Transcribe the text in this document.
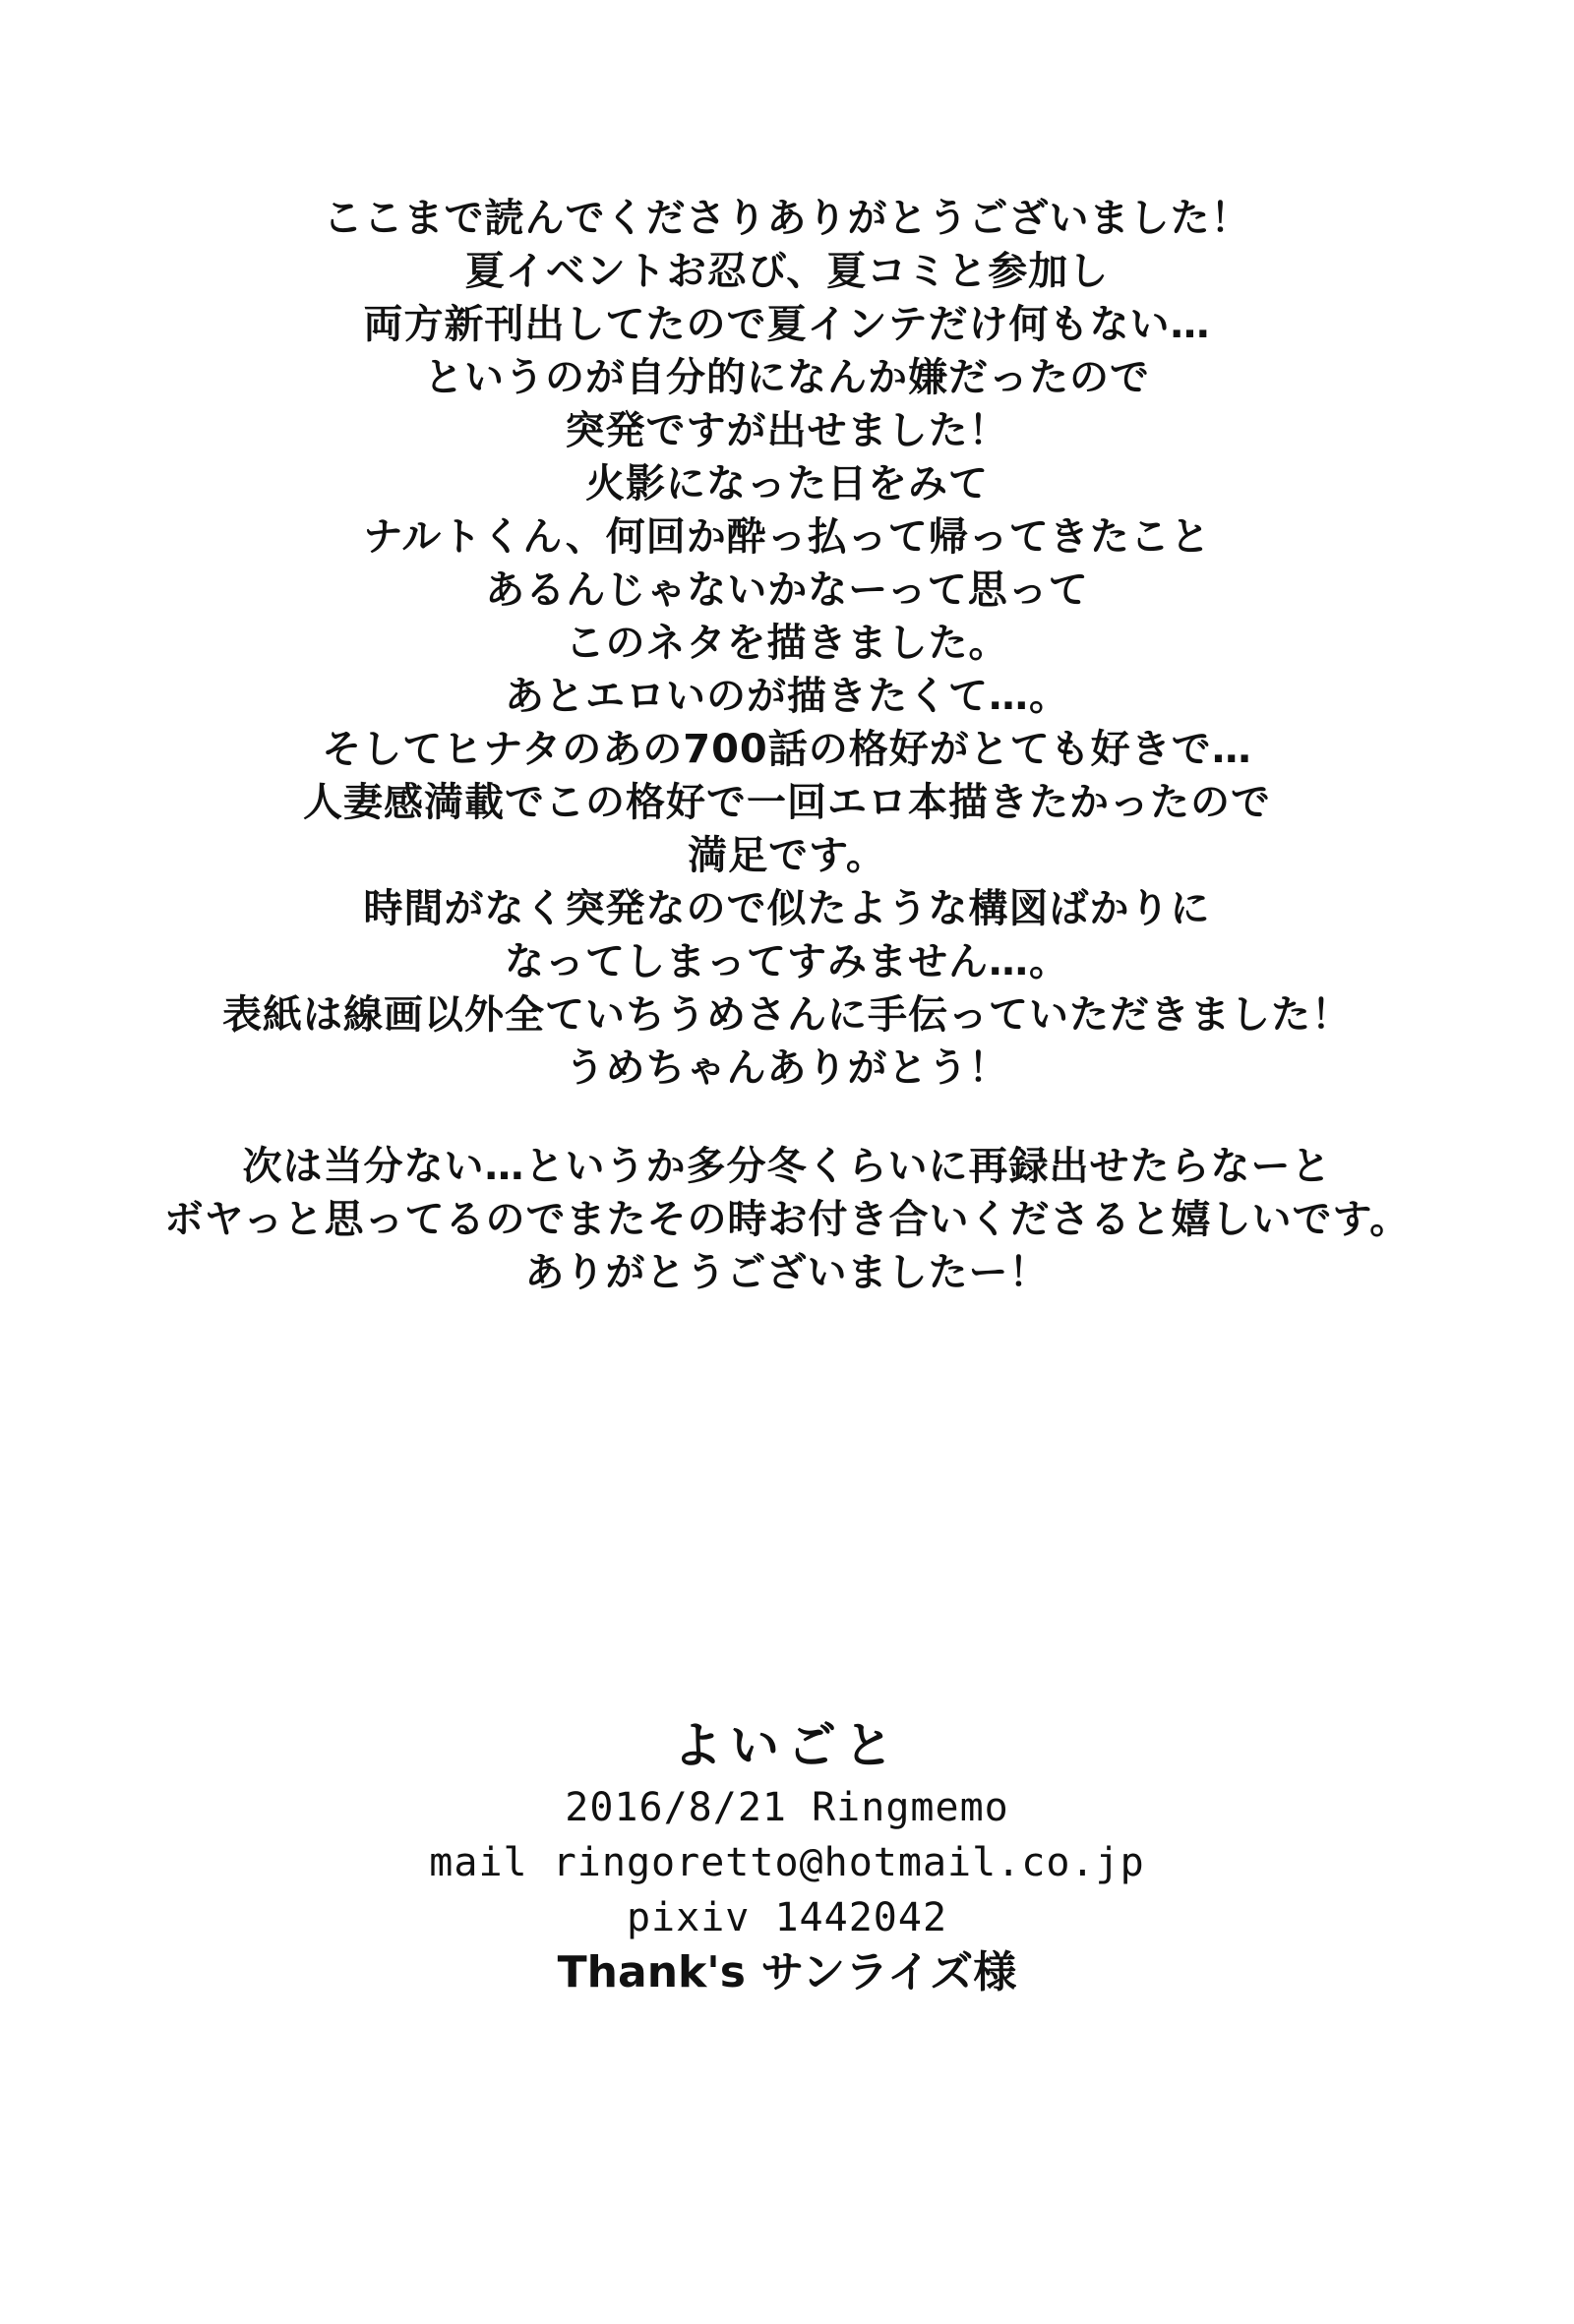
ここまで読んでくださりありがとうございました！
夏イベントお忍び、夏コミと参加し
両方新刊出してたので夏インテだけ何もない…
というのが自分的になんか嫌だったので
突発ですが出せました！
火影になった日をみて
ナルトくん、何回か酔っ払って帰ってきたこと
あるんじゃないかなーって思って
このネタを描きました。
あとエロいのが描きたくて…。
そしてヒナタのあの700話の格好がとても好きで…
人妻感満載でこの格好で一回エロ本描きたかったので
満足です。
時間がなく突発なので似たような構図ばかりに
なってしまってすみません…。
表紙は線画以外全ていちうめさんに手伝っていただきました！
うめちゃんありがとう！
次は当分ない…というか多分冬くらいに再録出せたらなーと
ボヤっと思ってるのでまたその時お付き合いくださると嬉しいです。
ありがとうございましたー！
よいごと
2016/8/21 Ringmemo
mail ringoretto@hotmail.co.jp
pixiv 1442042
Thank's サンライズ様
